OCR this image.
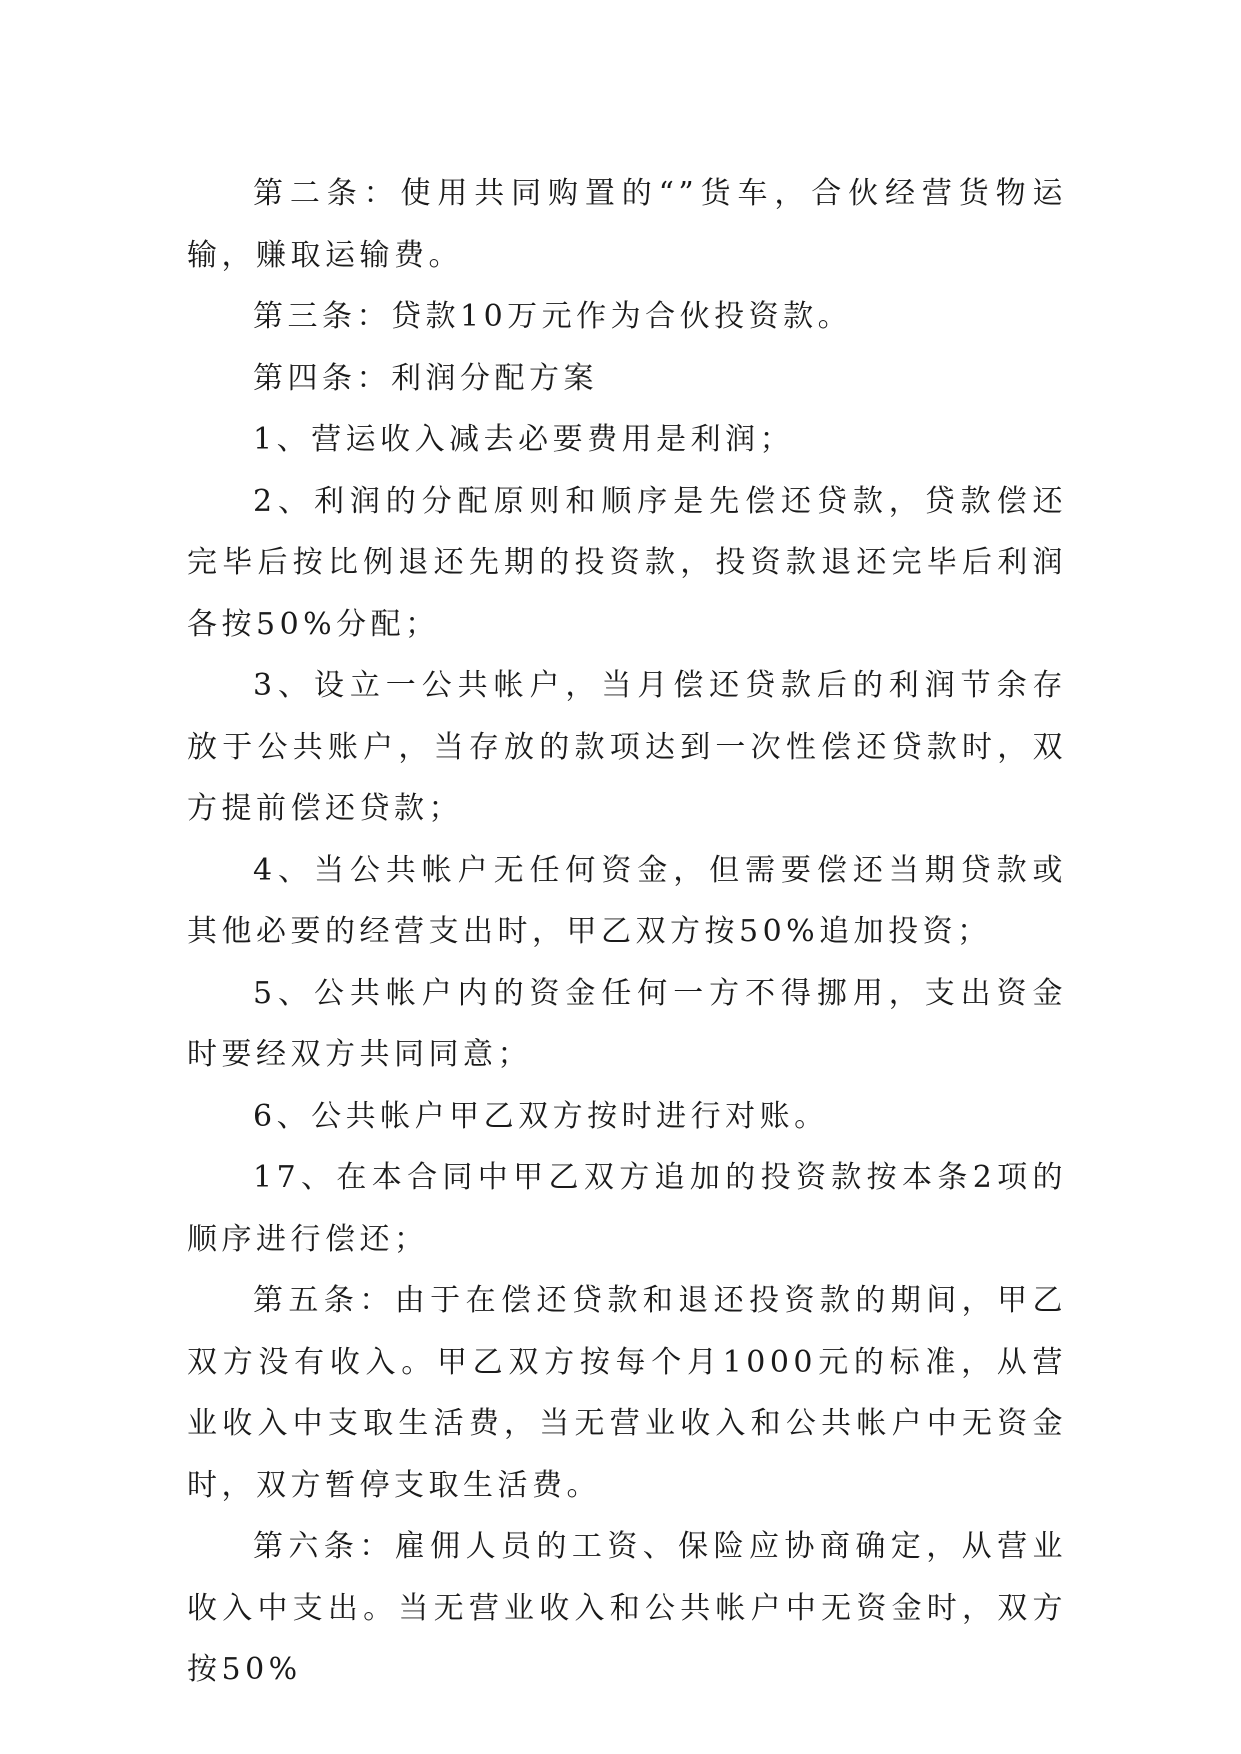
第二条：使用共同购置的“”货车，合伙经营货物运输，赚取运输费。

第三条：贷款10万元作为合伙投资款。

第四条：利润分配方案

1、营运收入减去必要费用是利润；

2、利润的分配原则和顺序是先偿还贷款，贷款偿还完毕后按比例退还先期的投资款，投资款退还完毕后利润各按50%分配；

3、设立一公共帐户，当月偿还贷款后的利润节余存放于公共账户，当存放的款项达到一次性偿还贷款时，双方提前偿还贷款；

4、当公共帐户无任何资金，但需要偿还当期贷款或其他必要的经营支出时，甲乙双方按50%追加投资；

5、公共帐户内的资金任何一方不得挪用，支出资金时要经双方共同同意；

6、公共帐户甲乙双方按时进行对账。

17、在本合同中甲乙双方追加的投资款按本条2项的顺序进行偿还；

第五条：由于在偿还贷款和退还投资款的期间，甲乙双方没有收入。甲乙双方按每个月1000元的标准，从营业收入中支取生活费，当无营业收入和公共帐户中无资金时，双方暂停支取生活费。

第六条：雇佣人员的工资、保险应协商确定，从营业收入中支出。当无营业收入和公共帐户中无资金时，双方按50%
